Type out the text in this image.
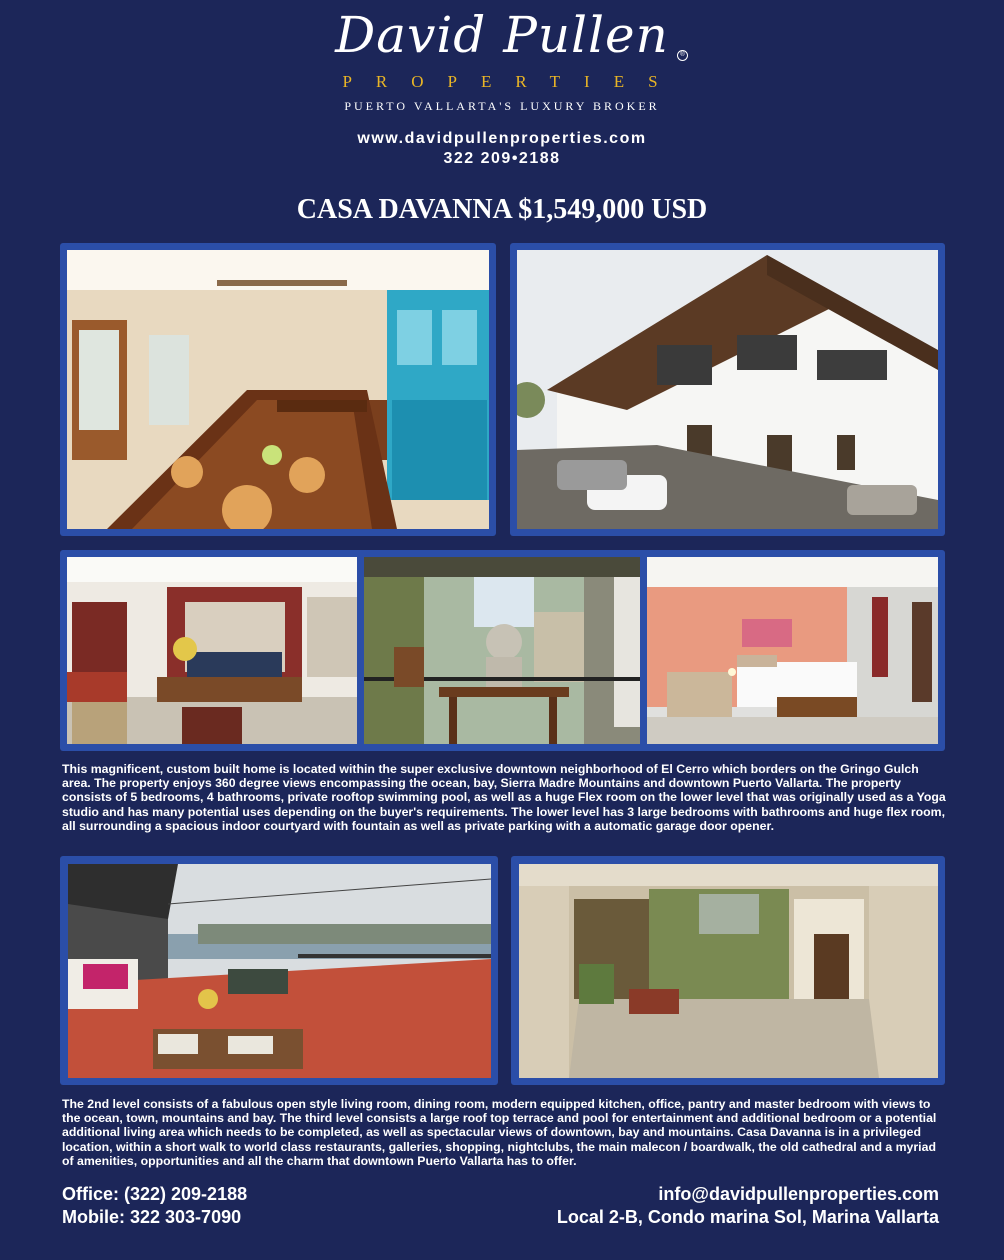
David Pullen	®
PROPERTIES
PUERTO VALLARTA'S LUXURY BROKER
www.davidpullenproperties.com
322 209•2188
CASA DAVANNA $1,549,000 USD
This magnificent, custom built home is located within the super exclusive downtown neighborhood of El Cerro which borders on the Gringo Gulch area. The property enjoys 360 degree views encompassing the ocean, bay, Sierra Madre Mountains and downtown Puerto Vallarta. The property consists of 5 bedrooms, 4 bathrooms, private rooftop swimming pool, as well as a huge Flex room on the lower level that was originally used as a Yoga studio and has many potential uses depending on the buyer's requirements. The lower level has 3 large bedrooms with bathrooms and huge flex room, all surrounding a spacious indoor courtyard with fountain as well as private parking with a automatic garage door opener.
The 2nd level consists of a fabulous open style living room, dining room, modern equipped kitchen, office, pantry and master bedroom with views to the ocean, town, mountains and bay. The third level consists a large roof top terrace and pool for entertainment and additional bedroom or a potential additional living area which needs to be completed, as well as spectacular views of downtown, bay and mountains. Casa Davanna is in a privileged location, within a short walk to world class restaurants, galleries, shopping, nightclubs, the main malecon / boardwalk, the old cathedral and a myriad of amenities, opportunities and all the charm that downtown Puerto Vallarta has to offer.
Office: (322) 209-2188
Mobile: 322 303-7090
info@davidpullenproperties.com
Local 2-B, Condo marina Sol, Marina Vallarta
